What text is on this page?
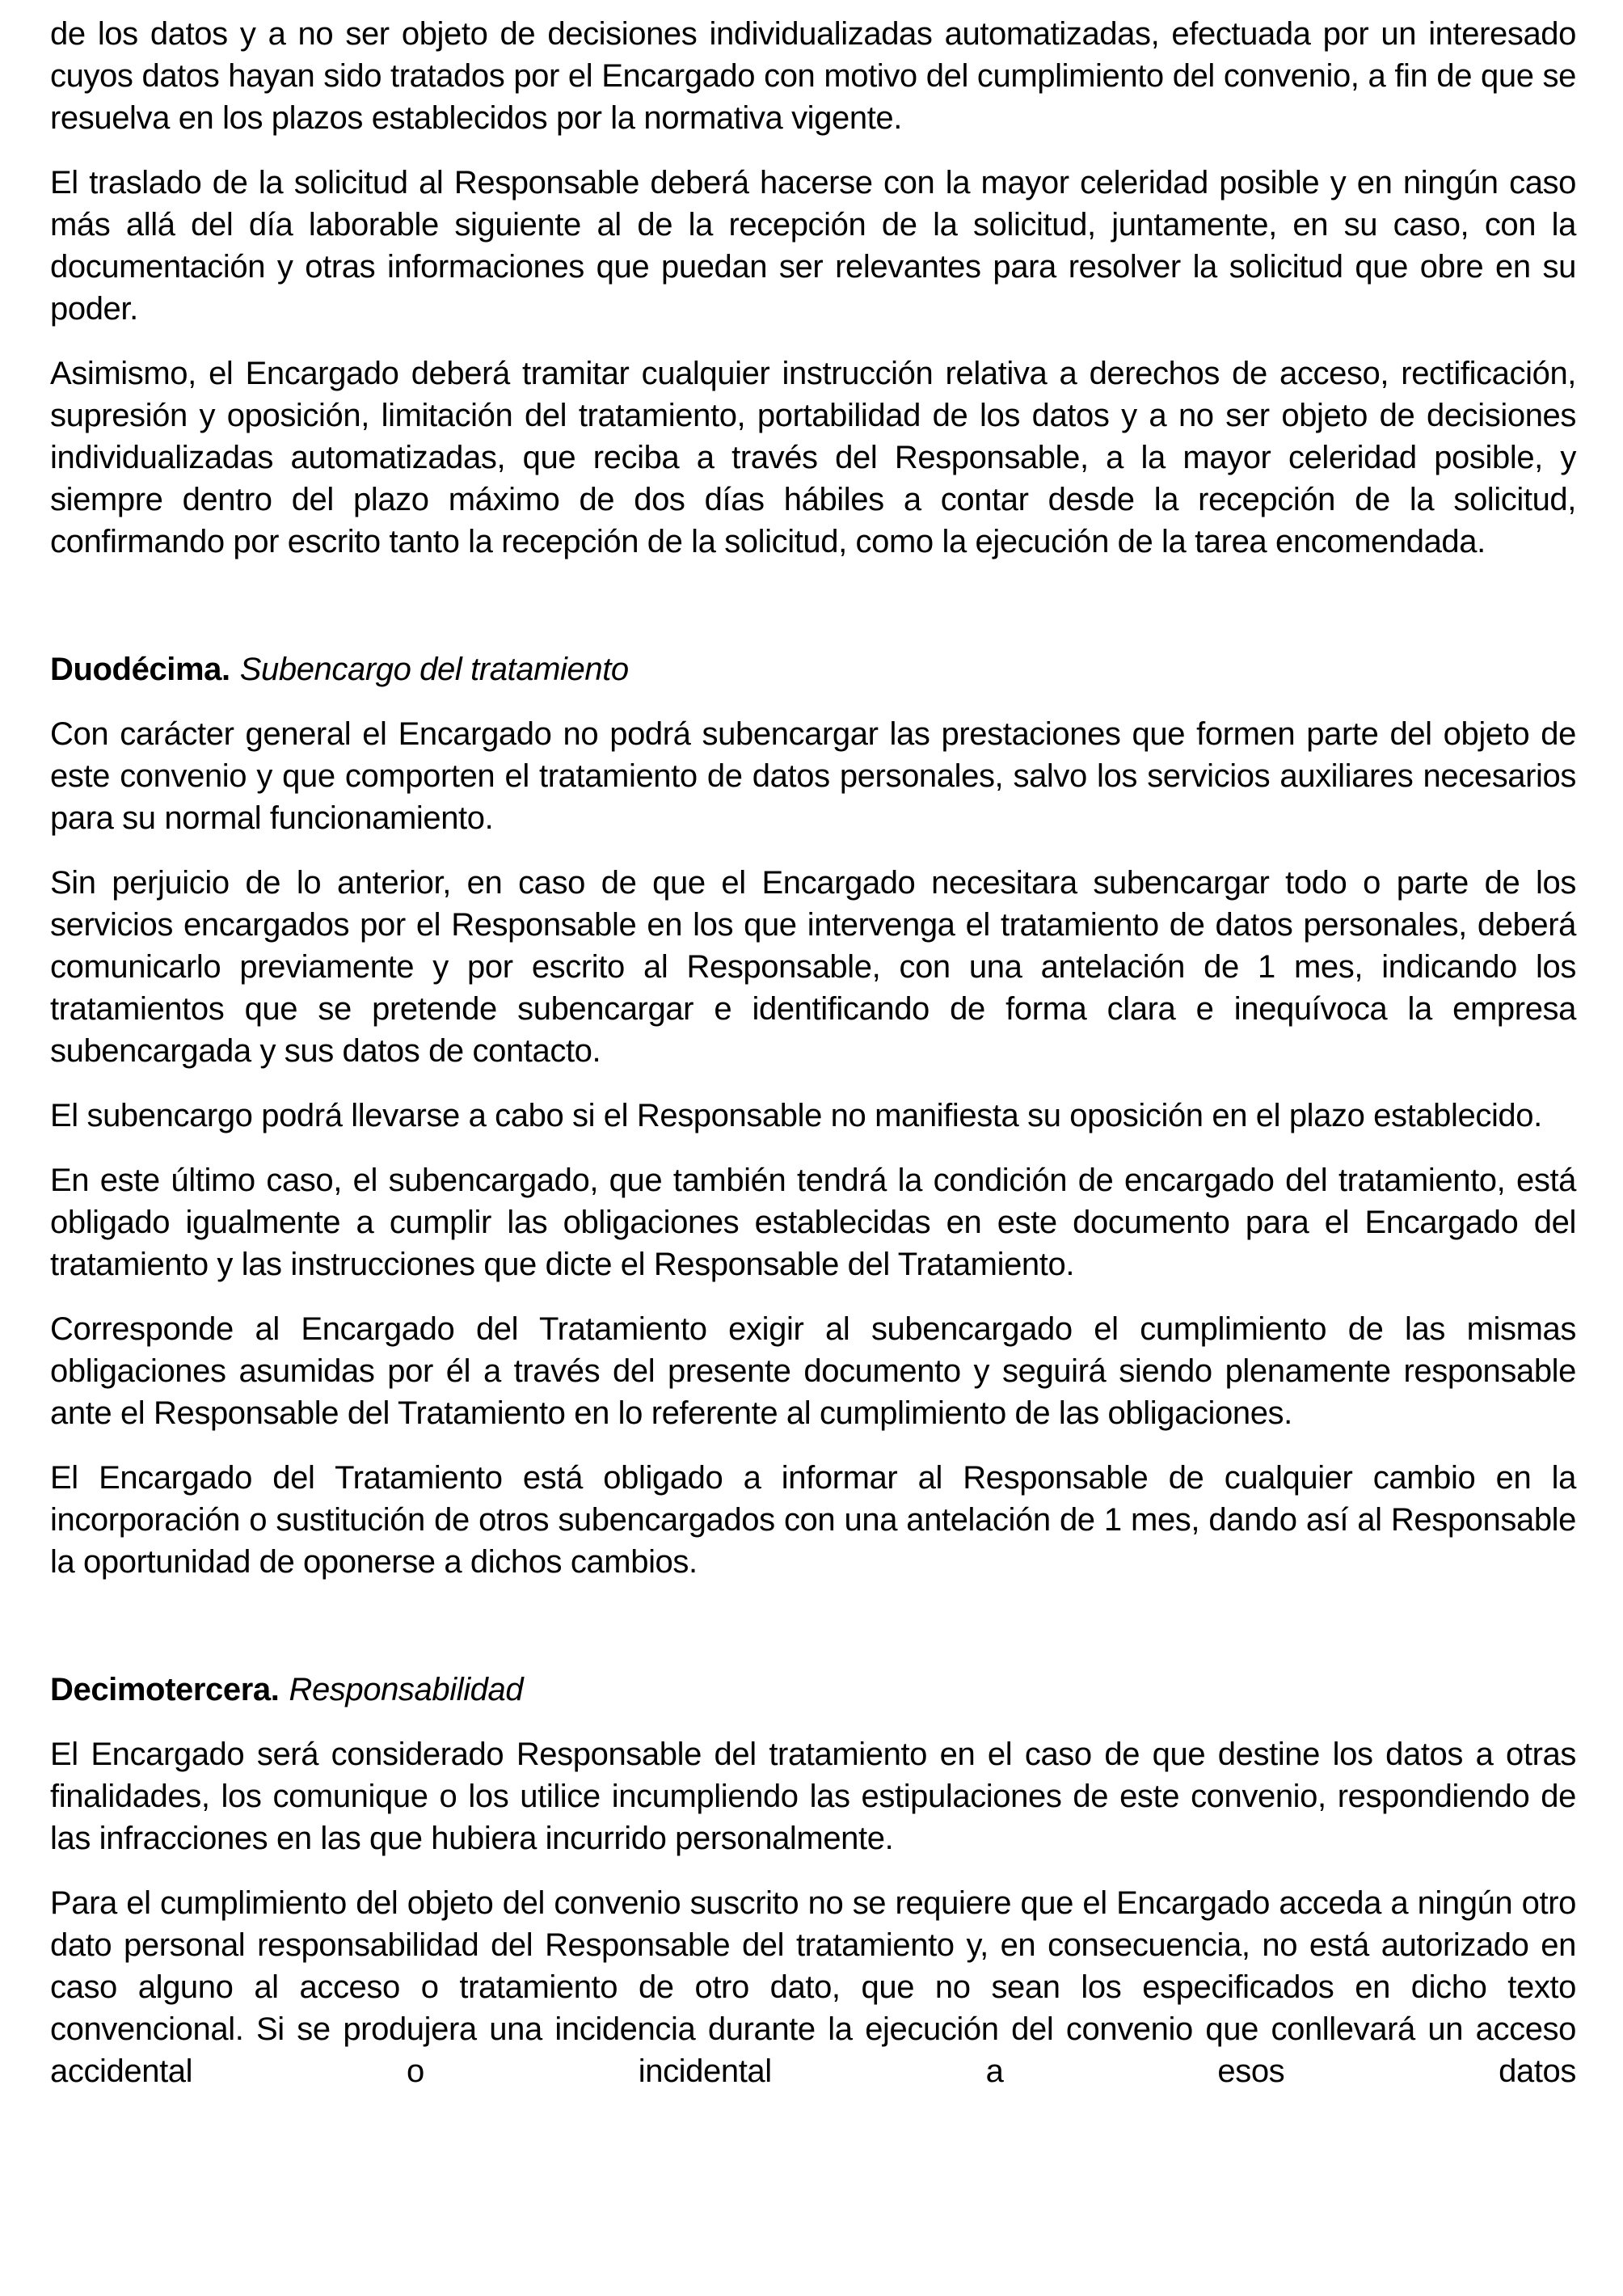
de los datos y a no ser objeto de decisiones individualizadas automatizadas, efectuada por un interesado cuyos datos hayan sido tratados por el Encargado con motivo del cumplimiento del convenio, a fin de que se resuelva en los plazos establecidos por la normativa vigente.

El traslado de la solicitud al Responsable deberá hacerse con la mayor celeridad posible y en ningún caso más allá del día laborable siguiente al de la recepción de la solicitud, juntamente, en su caso, con la documentación y otras informaciones que puedan ser relevantes para resolver la solicitud que obre en su poder.

Asimismo, el Encargado deberá tramitar cualquier instrucción relativa a derechos de acceso, rectificación, supresión y oposición, limitación del tratamiento, portabilidad de los datos y a no ser objeto de decisiones individualizadas automatizadas, que reciba a través del Responsable, a la mayor celeridad posible, y siempre dentro del plazo máximo de dos días hábiles a contar desde la recepción de la solicitud, confirmando por escrito tanto la recepción de la solicitud, como la ejecución de la tarea encomendada.

Duodécima. Subencargo del tratamiento

Con carácter general el Encargado no podrá subencargar las prestaciones que formen parte del objeto de este convenio y que comporten el tratamiento de datos personales, salvo los servicios auxiliares necesarios para su normal funcionamiento.

Sin perjuicio de lo anterior, en caso de que el Encargado necesitara subencargar todo o parte de los servicios encargados por el Responsable en los que intervenga el tratamiento de datos personales, deberá comunicarlo previamente y por escrito al Responsable, con una antelación de 1 mes, indicando los tratamientos que se pretende subencargar e identificando de forma clara e inequívoca la empresa subencargada y sus datos de contacto.

El subencargo podrá llevarse a cabo si el Responsable no manifiesta su oposición en el plazo establecido.

En este último caso, el subencargado, que también tendrá la condición de encargado del tratamiento, está obligado igualmente a cumplir las obligaciones establecidas en este documento para el Encargado del tratamiento y las instrucciones que dicte el Responsable del Tratamiento.

Corresponde al Encargado del Tratamiento exigir al subencargado el cumplimiento de las mismas obligaciones asumidas por él a través del presente documento y seguirá siendo plenamente responsable ante el Responsable del Tratamiento en lo referente al cumplimiento de las obligaciones.

El Encargado del Tratamiento está obligado a informar al Responsable de cualquier cambio en la incorporación o sustitución de otros subencargados con una antelación de 1 mes, dando así al Responsable la oportunidad de oponerse a dichos cambios.

Decimotercera. Responsabilidad

El Encargado será considerado Responsable del tratamiento en el caso de que destine los datos a otras finalidades, los comunique o los utilice incumpliendo las estipulaciones de este convenio, respondiendo de las infracciones en las que hubiera incurrido personalmente.

Para el cumplimiento del objeto del convenio suscrito no se requiere que el Encargado acceda a ningún otro dato personal responsabilidad del Responsable del tratamiento y, en consecuencia, no está autorizado en caso alguno al acceso o tratamiento de otro dato, que no sean los especificados en dicho texto convencional. Si se produjera una incidencia durante la ejecución del convenio que conllevará un acceso accidental o incidental a esos datos
